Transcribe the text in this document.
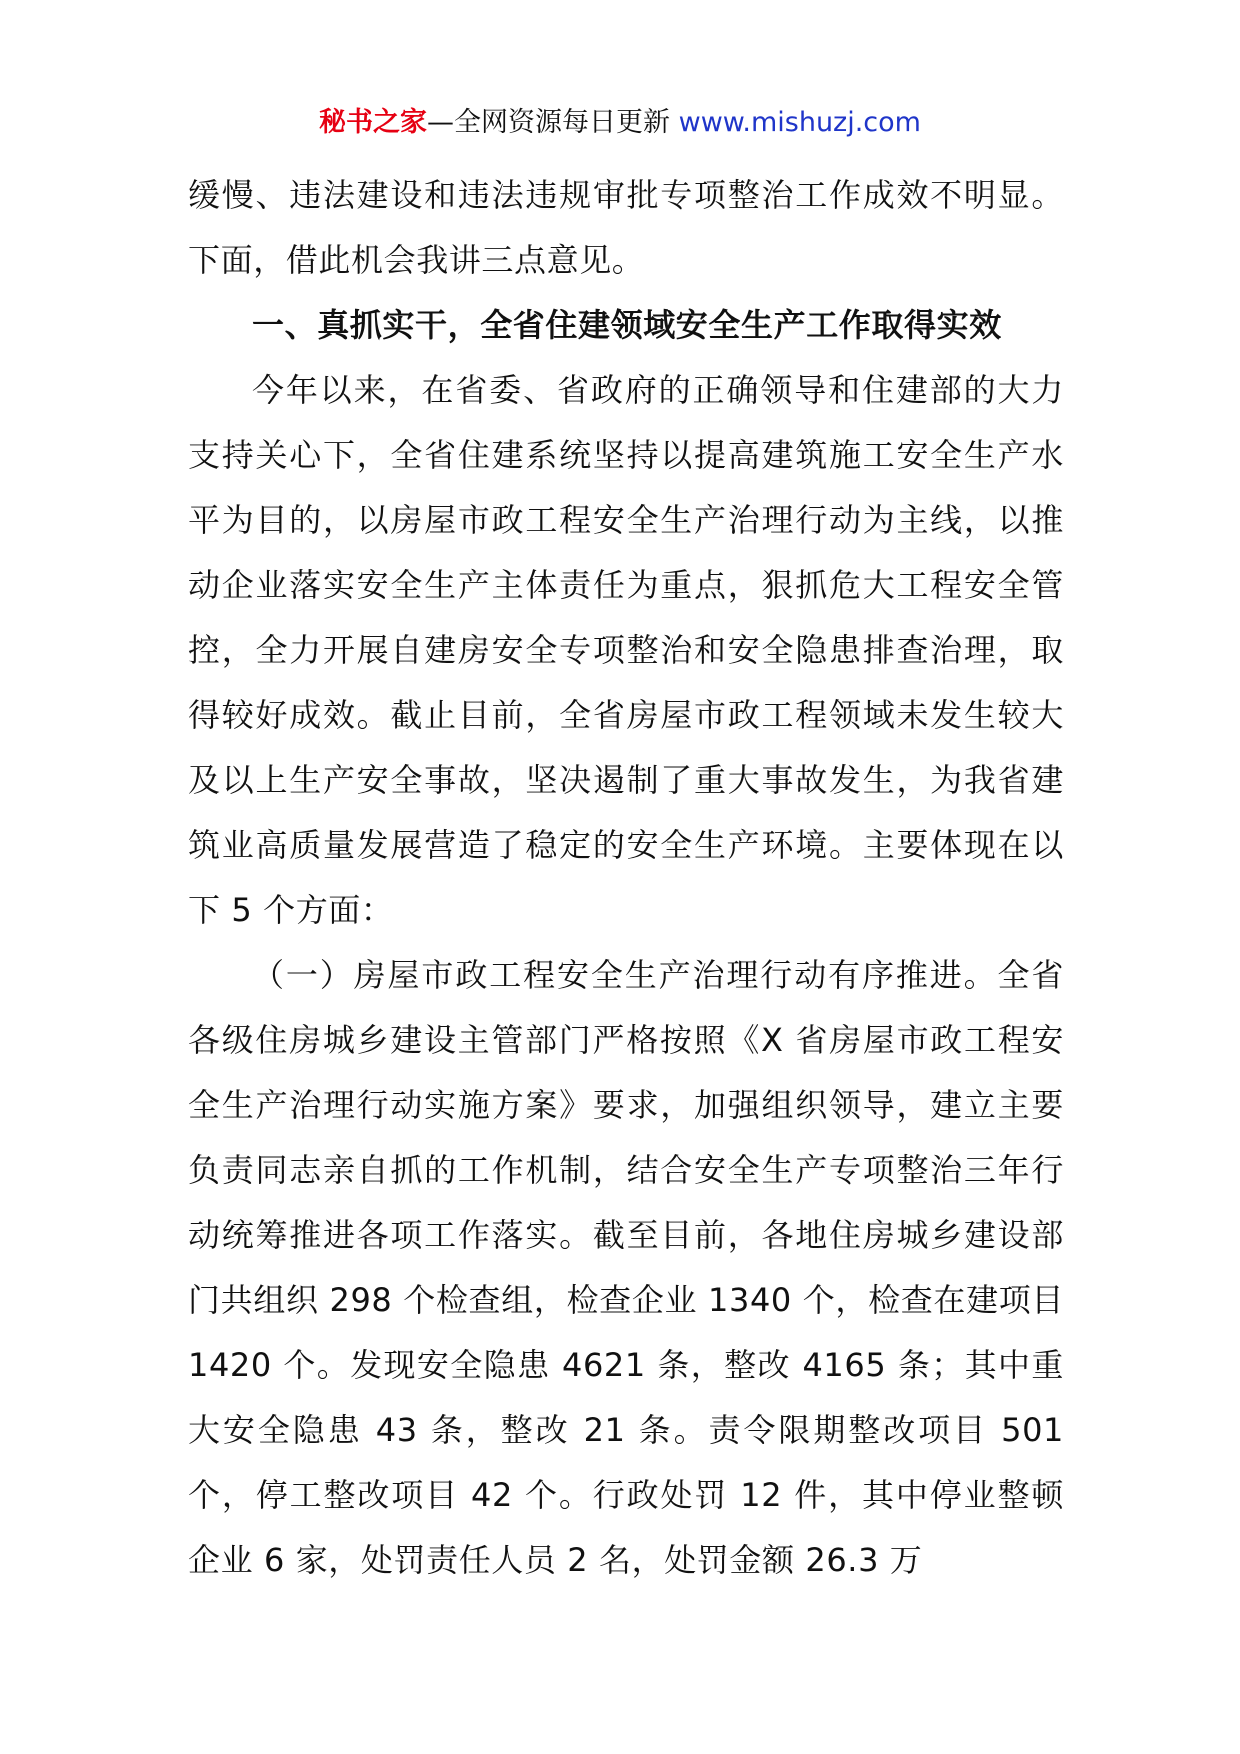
秘书之家—全网资源每日更新 www.mishuzj.com

缓慢、违法建设和违法违规审批专项整治工作成效不明显。下面，借此机会我讲三点意见。

一、真抓实干，全省住建领域安全生产工作取得实效

今年以来，在省委、省政府的正确领导和住建部的大力支持关心下，全省住建系统坚持以提高建筑施工安全生产水平为目的，以房屋市政工程安全生产治理行动为主线，以推动企业落实安全生产主体责任为重点，狠抓危大工程安全管控，全力开展自建房安全专项整治和安全隐患排查治理，取得较好成效。截止目前，全省房屋市政工程领域未发生较大及以上生产安全事故，坚决遏制了重大事故发生，为我省建筑业高质量发展营造了稳定的安全生产环境。主要体现在以下 5 个方面：

（一）房屋市政工程安全生产治理行动有序推进。全省各级住房城乡建设主管部门严格按照《X 省房屋市政工程安全生产治理行动实施方案》要求，加强组织领导，建立主要负责同志亲自抓的工作机制，结合安全生产专项整治三年行动统筹推进各项工作落实。截至目前，各地住房城乡建设部门共组织 298 个检查组，检查企业 1340 个，检查在建项目 1420 个。发现安全隐患 4621 条，整改 4165 条；其中重大安全隐患 43 条，整改 21 条。责令限期整改项目 501 个，停工整改项目 42 个。行政处罚 12 件，其中停业整顿企业 6 家，处罚责任人员 2 名，处罚金额 26.3 万
